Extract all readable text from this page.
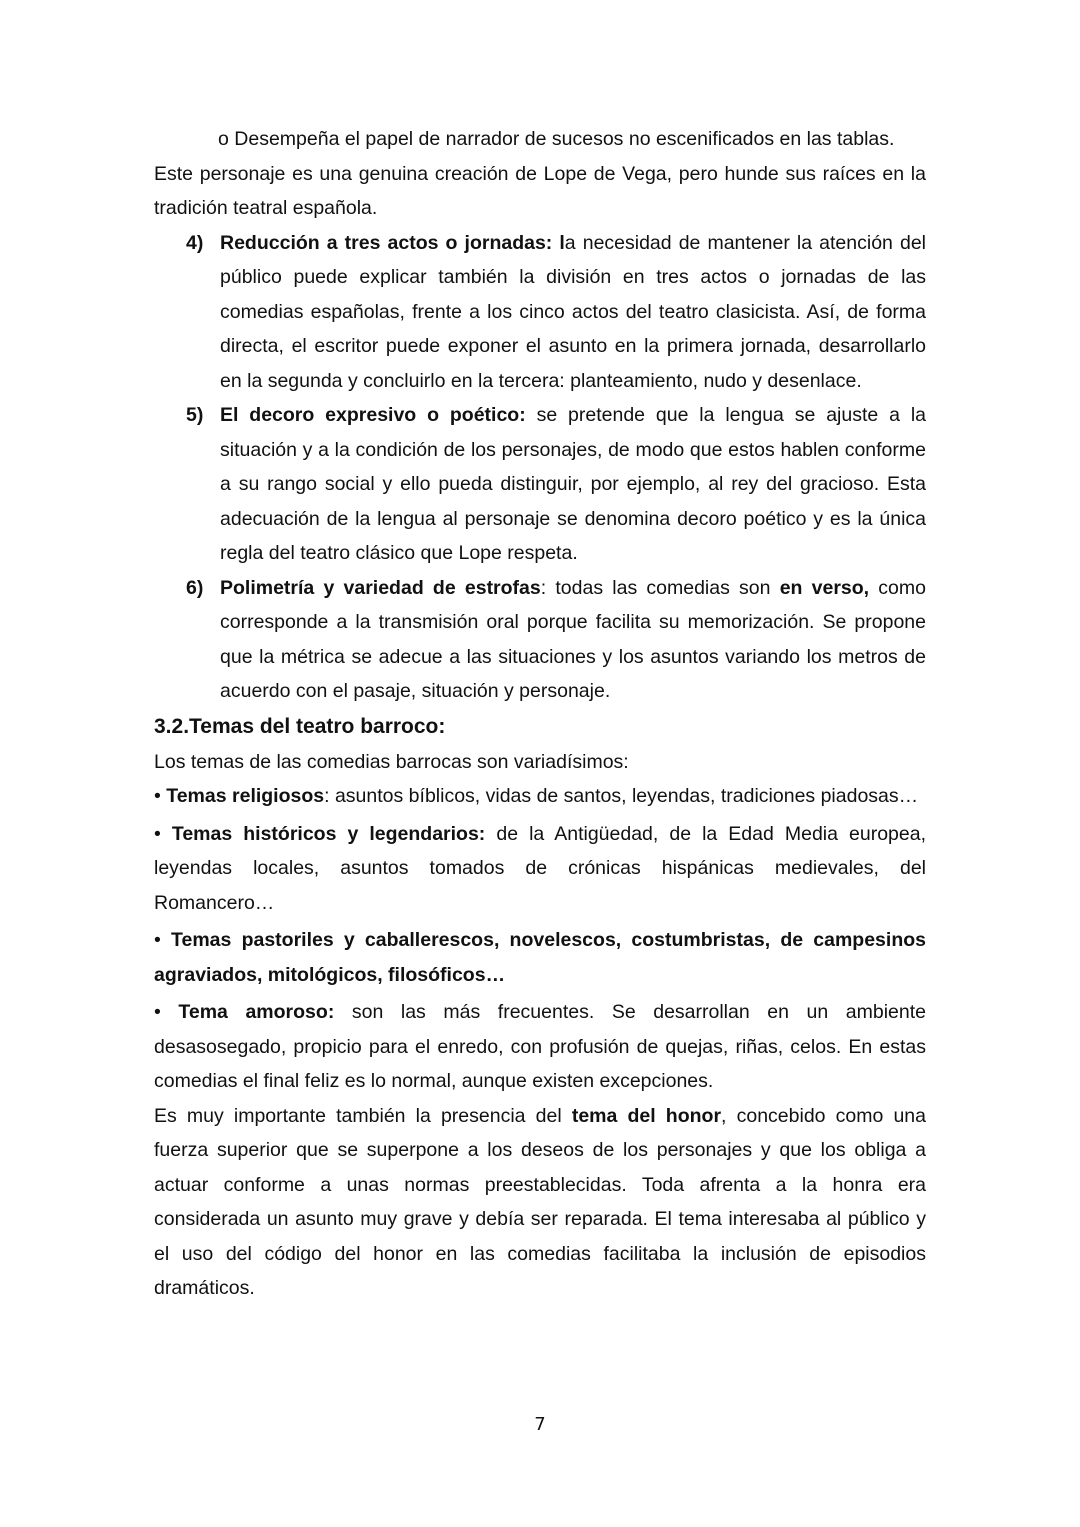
o Desempeña el papel de narrador de sucesos no escenificados en las tablas.

Este personaje es una genuina creación de Lope de Vega, pero hunde sus raíces en la tradición teatral española.

4) Reducción a tres actos o jornadas: la necesidad de mantener la atención del público puede explicar también la división en tres actos o jornadas de las comedias españolas, frente a los cinco actos del teatro clasicista. Así, de forma directa, el escritor puede exponer el asunto en la primera jornada, desarrollarlo en la segunda y concluirlo en la tercera: planteamiento, nudo y desenlace.
5) El decoro expresivo o poético: se pretende que la lengua se ajuste a la situación y a la condición de los personajes, de modo que estos hablen conforme a su rango social y ello pueda distinguir, por ejemplo, al rey del gracioso. Esta adecuación de la lengua al personaje se denomina decoro poético y es la única regla del teatro clásico que Lope respeta.
6) Polimetría y variedad de estrofas: todas las comedias son en verso, como corresponde a la transmisión oral porque facilita su memorización. Se propone que la métrica se adecue a las situaciones y los asuntos variando los metros de acuerdo con el pasaje, situación y personaje.
3.2.Temas del teatro barroco:

Los temas de las comedias barrocas son variadísimos:

• Temas religiosos: asuntos bíblicos, vidas de santos, leyendas, tradiciones piadosas…

• Temas históricos y legendarios: de la Antigüedad, de la Edad Media europea, leyendas locales, asuntos tomados de crónicas hispánicas medievales, del Romancero…

• Temas pastoriles y caballerescos, novelescos, costumbristas, de campesinos agraviados, mitológicos, filosóficos…

• Tema amoroso: son las más frecuentes. Se desarrollan en un ambiente desasosegado, propicio para el enredo, con profusión de quejas, riñas, celos. En estas comedias el final feliz es lo normal, aunque existen excepciones.

Es muy importante también la presencia del tema del honor, concebido como una fuerza superior que se superpone a los deseos de los personajes y que los obliga a actuar conforme a unas normas preestablecidas. Toda afrenta a la honra era considerada un asunto muy grave y debía ser reparada. El tema interesaba al público y el uso del código del honor en las comedias facilitaba la inclusión de episodios dramáticos.

7
